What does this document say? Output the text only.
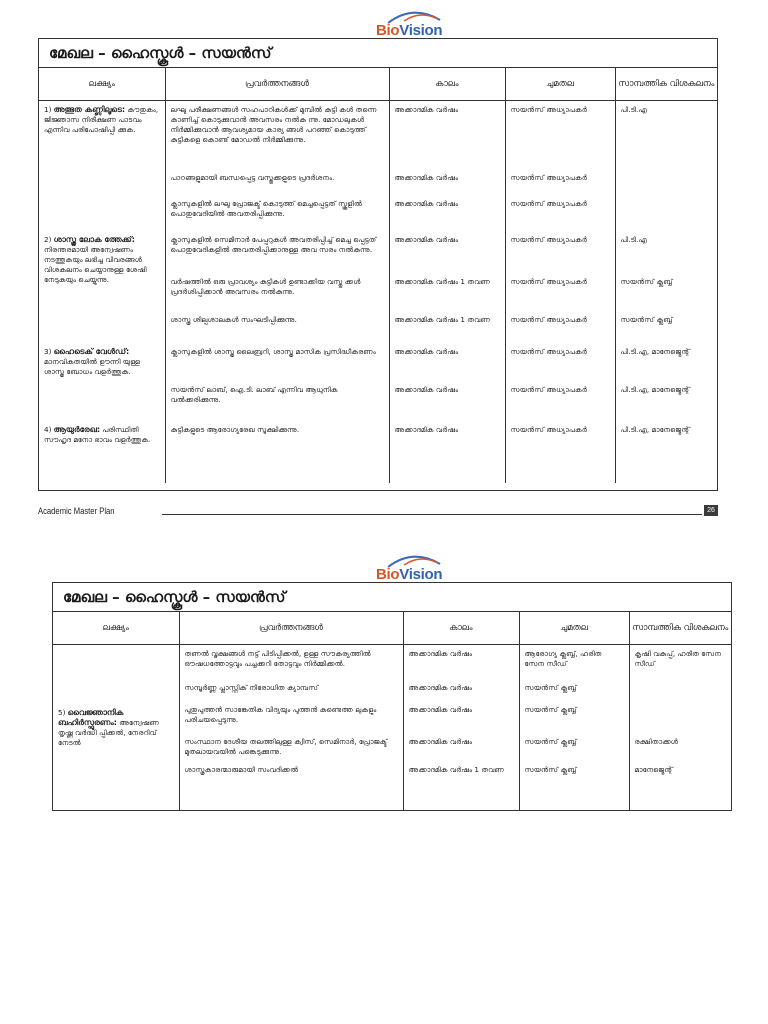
BioVision
മേഖല – ഹൈസ്കൂൾ – സയൻസ്
ലക്ഷ്യം	പ്രവർത്തനങ്ങൾ	കാലം	ചുമതല	സാമ്പത്തിക വിശകലനം
1) അത്ഭുത കണ്ണിലൂടെ: കൗതുകം, ജിജ്ഞാസ നിരീക്ഷണ പാടവം എന്നിവ പരിപോഷിപ്പി ക്കുക.	ലഘു പരീക്ഷണങ്ങൾ സഹപാഠികൾക്ക് മുമ്പിൽ കുട്ടി കൾ തന്നെ കാണിച്ച് കൊടുക്കുവാൻ അവസരം നൽകു ന്നു. മോഡലുകൾ നിർമ്മിക്കുവാൻ ആവശ്യമായ കാര്യ ങ്ങൾ പറഞ്ഞ് കൊടുത്ത് കുട്ടികളെ കൊണ്ട് മോഡൽ നിർമ്മിക്കുന്നു.	അക്കാദമിക വർഷം	സയൻസ് അധ്യാപകർ	പി.ടി.എ
	പാഠങ്ങളുമായി ബന്ധപ്പെട്ട വസ്തുക്കളുടെ പ്രദർശനം.	അക്കാദമിക വർഷം	സയൻസ് അധ്യാപകർ	
	ക്ലാസുകളിൽ ലഘു പ്രോജക്ട് കൊടുത്ത് മെച്ചപ്പെട്ടത് സ്കൂളിൽ പൊതുവേദിയിൽ അവതരിപ്പിക്കുന്നു.	അക്കാദമിക വർഷം	സയൻസ് അധ്യാപകർ	
2) ശാസ്ത്ര ലോക ത്തേക്ക്: നിരന്തരമായി അന്വേഷണം നടത്തുകയും ലഭിച്ച വിവരങ്ങൾ വിശകലനം ചെയ്യാനുള്ള ശേഷി നേടുകയും ചെയ്യുന്നു.	ക്ലാസുകളിൽ സെമിനാർ പേപ്പറുകൾ അവതരിപ്പിച്ച് മെച്ച പ്പെട്ടത് പൊതുവേദികളിൽ അവതരിപ്പിക്കാനുള്ള അവ സരം നൽകുന്നു.	അക്കാദമിക വർഷം	സയൻസ് അധ്യാപകർ	പി.ടി.എ
	വർഷത്തിൽ ഒരു പ്രാവശ്യം കുട്ടികൾ ഉണ്ടാക്കിയ വസ്തു ക്കൾ പ്രദർശിപ്പിക്കാൻ അവസരം നൽകുന്നു.	അക്കാദമിക വർഷം 1 തവണ	സയൻസ് അധ്യാപകർ	സയൻസ് ക്ലബ്ബ്
	ശാസ്ത്ര ശില്പശാലകൾ സംഘടിപ്പിക്കുന്നു.	അക്കാദമിക വർഷം 1 തവണ	സയൻസ് അധ്യാപകർ	സയൻസ് ക്ലബ്ബ്
3) ഹൈടെക് വേൾഡ്: മാനവികതയിൽ ഊന്നി യുള്ള ശാസ്ത്ര ബോധം വളർത്തുക.	ക്ലാസുകളിൽ ശാസ്ത്ര ലൈബ്രറി, ശാസ്ത്ര മാസിക പ്രസിദ്ധീകരണം	അക്കാദമിക വർഷം	സയൻസ് അധ്യാപകർ	പി.ടി.എ, മാനേജ്മെന്റ്
	സയൻസ് ലാബ്, ഐ.ടി. ലാബ് എന്നിവ ആധുനിക വൽക്കരിക്കുന്നു.	അക്കാദമിക വർഷം	സയൻസ് അധ്യാപകർ	പി.ടി.എ, മാനേജ്മെന്റ്
4) ആയുർരേഖ: പരിസ്ഥിതി സൗഹൃദ മനോ ഭാവം വളർത്തുക.	കുട്ടികളുടെ ആരോഗ്യരേഖ സൂക്ഷിക്കുന്നു.	അക്കാദമിക വർഷം	സയൻസ് അധ്യാപകർ	പി.ടി.എ, മാനേജ്മെന്റ്
Academic Master Plan	26
BioVision
മേഖല – ഹൈസ്കൂൾ – സയൻസ്
ലക്ഷ്യം	പ്രവർത്തനങ്ങൾ	കാലം	ചുമതല	സാമ്പത്തിക വിശകലനം
5) വൈജ്ഞാനിക ബഹിർസ്ഫുരണം: അന്വേഷണ തൃഷ്ണ വർദ്ധി പ്പിക്കൽ, നേരറിവ് നേടൽ	തണൽ വൃക്ഷങ്ങൾ നട്ട് പിടിപ്പിക്കൽ, ഉള്ള സൗകര്യത്തിൽ ഔഷധത്തോട്ടവും പച്ചക്കറി തോട്ടവും നിർമ്മിക്കൽ.	അക്കാദമിക വർഷം	ആരോഗ്യ ക്ലബ്ബ്, ഹരിത സേന സീഡ്	കൃഷി വകുപ്പ്, ഹരിത സേന സീഡ്
	സമ്പൂർണ്ണ പ്ലാസ്റ്റിക് നിരോധിത ക്യാമ്പസ്	അക്കാദമിക വർഷം	സയൻസ് ക്ലബ്ബ്	
	പുതുപുത്തൻ സാങ്കേതിക വിദ്യയും പുത്തൻ കണ്ടെത്ത ലുകളും പരിചയപ്പെടുന്നു.	അക്കാദമിക വർഷം	സയൻസ് ക്ലബ്ബ്	
	സംസ്ഥാന ദേശീയ തലത്തിലുള്ള ക്വിസ്, സെമിനാർ, പ്രോജക്ട് മുതലായവയിൽ പങ്കെടുക്കുന്നു.	അക്കാദമിക വർഷം	സയൻസ് ക്ലബ്ബ്	രക്ഷിതാക്കൾ
	ശാസ്ത്രകാരന്മാരുമായി സംവദിക്കൽ	അക്കാദമിക വർഷം 1 തവണ	സയൻസ് ക്ലബ്ബ്	മാനേജ്മെന്റ്
